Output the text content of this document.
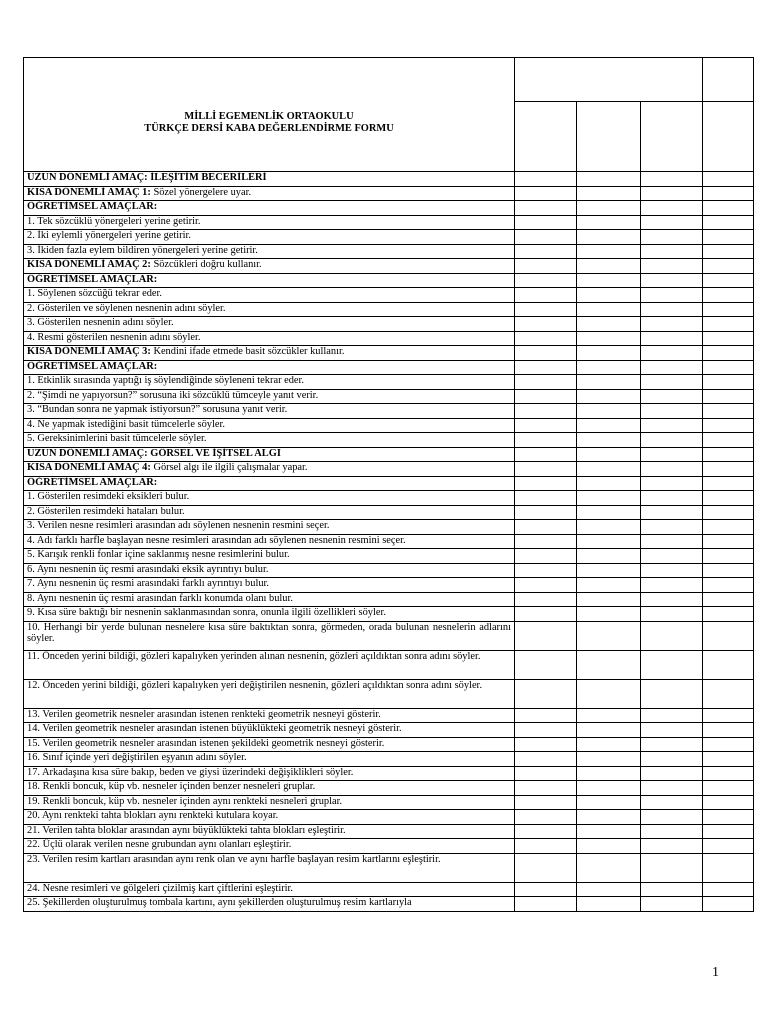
MİLLİ EGEMENLİK ORTAOKULU
TÜRKÇE DERSİ KABA DEĞERLENDİRME FORMU				

UZUN DÖNEMLİ AMAÇ: İLEŞİTİM BECERİLERİ				
KISA DÖNEMLİ AMAÇ 1: Sözel yönergelere uyar.				
ÖĞRETİMSEL AMAÇLAR:				
1. Tek sözcüklü yönergeleri yerine getirir.				
2. İki eylemli yönergeleri yerine getirir.				
3. İkiden fazla eylem bildiren yönergeleri yerine getirir.				
KISA DÖNEMLİ AMAÇ 2: Sözcükleri doğru kullanır.				
ÖĞRETİMSEL AMAÇLAR:				
1. Söylenen sözcüğü tekrar eder.				
2. Gösterilen ve söylenen nesnenin adını söyler.				
3. Gösterilen nesnenin adını söyler.				
4. Resmi gösterilen nesnenin adını söyler.				
KISA DÖNEMLİ AMAÇ 3: Kendini ifade etmede basit sözcükler kullanır.				
ÖĞRETİMSEL AMAÇLAR:				
1. Etkinlik sırasında yaptığı iş söylendiğinde söyleneni tekrar eder.				
2. “Şimdi ne yapıyorsun?” sorusuna iki sözcüklü tümceyle yanıt verir.				
3. “Bundan sonra ne yapmak istiyorsun?” sorusuna yanıt verir.				
4. Ne yapmak istediğini basit tümcelerle söyler.				
5. Gereksinimlerini basit tümcelerle söyler.				
UZUN DÖNEMLİ AMAÇ: GÖRSEL VE İŞİTSEL ALGI				
KISA DÖNEMLİ AMAÇ 4: Görsel algı ile ilgili çalışmalar yapar.				
ÖĞRETİMSEL AMAÇLAR:				
1. Gösterilen resimdeki eksikleri bulur.				
2. Gösterilen resimdeki hataları bulur.				
3. Verilen nesne resimleri arasından adı söylenen nesnenin resmini seçer.				
4. Adı farklı harfle başlayan nesne resimleri arasından adı söylenen nesnenin resmini seçer.				
5. Karışık renkli fonlar içine saklanmış nesne resimlerini bulur.				
6. Aynı nesnenin üç resmi arasındaki eksik ayrıntıyı bulur.				
7. Aynı nesnenin üç resmi arasındaki farklı ayrıntıyı bulur.				
8. Aynı nesnenin üç resmi arasından farklı konumda olanı bulur.				
9. Kısa süre baktığı bir nesnenin saklanmasından sonra, onunla ilgili özellikleri söyler.				
10. Herhangi bir yerde bulunan nesnelere kısa süre baktıktan sonra, görmeden, orada bulunan nesnelerin adlarını söyler.				
11. Önceden yerini bildiği, gözleri kapalıyken yerinden alınan nesnenin, gözleri açıldıktan sonra adını söyler.				
12. Önceden yerini bildiği, gözleri kapalıyken yeri değiştirilen nesnenin, gözleri açıldıktan sonra adını söyler.				
13. Verilen geometrik nesneler arasından istenen renkteki geometrik nesneyi gösterir.				
14. Verilen geometrik nesneler arasından istenen büyüklükteki geometrik nesneyi gösterir.				
15. Verilen geometrik nesneler arasından istenen şekildeki geometrik nesneyi gösterir.				
16. Sınıf içinde yeri değiştirilen eşyanın adını söyler.				
17. Arkadaşına kısa süre bakıp, beden ve giysi üzerindeki değişiklikleri söyler.				
18. Renkli boncuk, küp vb. nesneler içinden benzer nesneleri gruplar.				
19. Renkli boncuk, küp vb. nesneler içinden aynı renkteki nesneleri gruplar.				
20. Aynı renkteki tahta blokları aynı renkteki kutulara koyar.				
21. Verilen tahta bloklar arasından aynı büyüklükteki tahta blokları eşleştirir.				
22. Üçlü olarak verilen nesne grubundan aynı olanları eşleştirir.				
23. Verilen resim kartları arasından aynı renk olan ve aynı harfle başlayan resim kartlarını eşleştirir.				
24. Nesne resimleri ve gölgeleri çizilmiş kart çiftlerini eşleştirir.				
25. Şekillerden oluşturulmuş tombala kartını, aynı şekillerden oluşturulmuş resim kartlarıyla				
1
